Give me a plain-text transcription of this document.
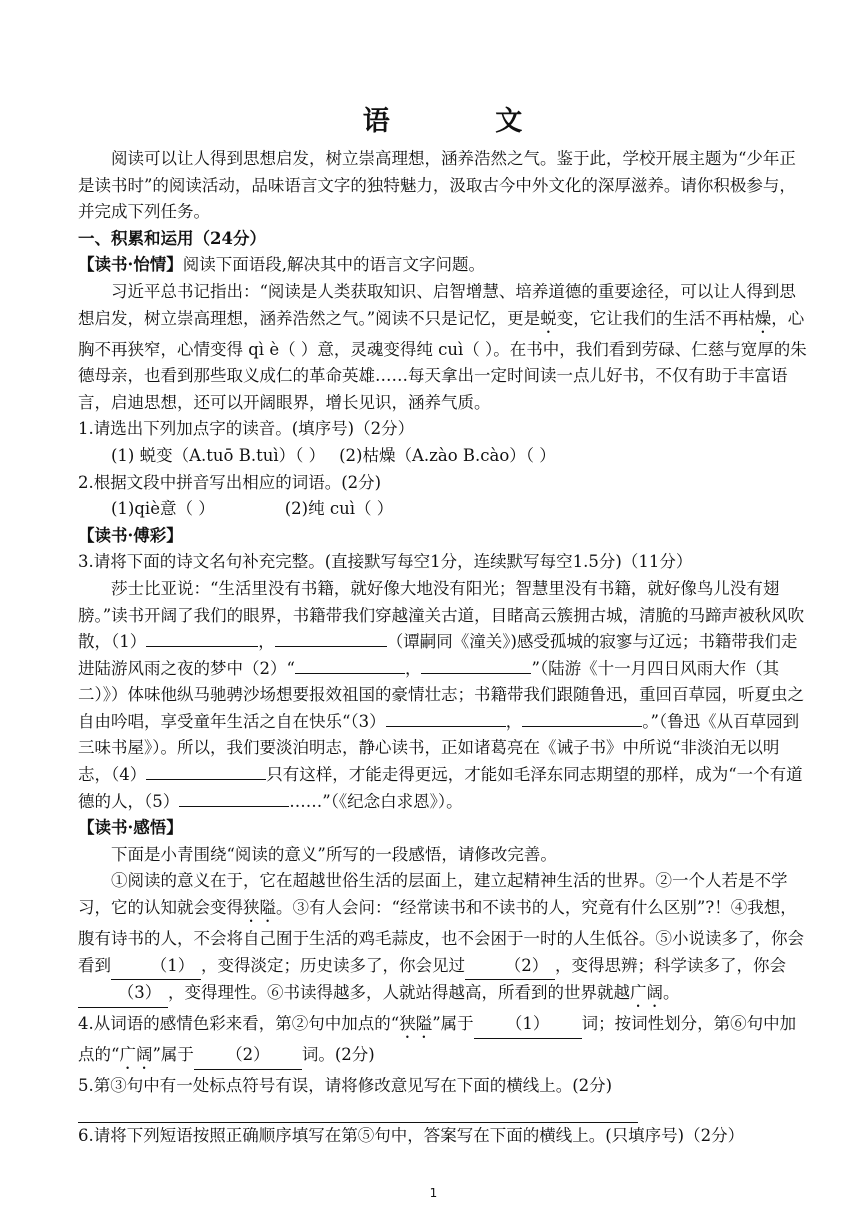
语 文

阅读可以让人得到思想启发，树立崇高理想，涵养浩然之气。鉴于此，学校开展主题为“少年正是读书时”的阅读活动，品味语言文字的独特魅力，汲取古今中外文化的深厚滋养。请你积极参与，并完成下列任务。

一、积累和运用（24分）

【读书·怡情】阅读下面语段,解决其中的语言文字问题。

习近平总书记指出：“阅读是人类获取知识、启智增慧、培养道德的重要途径，可以让人得到思想启发，树立崇高理想，涵养浩然之气。”阅读不只是记忆，更是蜕变，它让我们的生活不再枯燥，心胸不再狭窄，心情变得 qì è（ ）意，灵魂变得纯 cuì（ ）。在书中，我们看到劳碌、仁慈与宽厚的朱德母亲，也看到那些取义成仁的革命英雄……每天拿出一定时间读一点儿好书，不仅有助于丰富语言，启迪思想，还可以开阔眼界，增长见识，涵养气质。

1.请选出下列加点字的读音。(填序号)（2分）

(1) 蜕变（A.tuō B.tuì）（ ） (2)枯燥（A.zào B.cào）（ ）

2.根据文段中拼音写出相应的词语。(2分)

(1)qiè意（ ）	(2)纯 cuì（ ）

【读书·傅彩】

3.请将下面的诗文名句补充完整。(直接默写每空1分，连续默写每空1.5分)（11分）

莎士比亚说：“生活里没有书籍，就好像大地没有阳光；智慧里没有书籍，就好像鸟儿没有翅膀。”读书开阔了我们的眼界，书籍带我们穿越潼关古道，目睹高云簇拥古城，清脆的马蹄声被秋风吹散，（1）	，	（谭嗣同《潼关》)感受孤城的寂寥与辽远；书籍带我们走进陆游风雨之夜的梦中（2）“	，	”（陆游《十一月四日风雨大作（其二）》）体味他纵马驰骋沙场想要报效祖国的豪情壮志；书籍带我们跟随鲁迅，重回百草园，听夏虫之自由吟唱，享受童年生活之自在快乐“（3）	，	。”（鲁迅《从百草园到三味书屋》）。所以，我们要淡泊明志，静心读书，正如诸葛亮在《诫子书》中所说“非淡泊无以明志，（4）	只有这样，才能走得更远，才能如毛泽东同志期望的那样，成为“一个有道德的人，（5）	……”（《纪念白求恩》）。

【读书·感悟】

下面是小青围绕“阅读的意义”所写的一段感悟，请修改完善。

①阅读的意义在于，它在超越世俗生活的层面上，建立起精神生活的世界。②一个人若是不学习，它的认知就会变得狭隘。③有人会问：“经常读书和不读书的人，究竟有什么区别”?！④我想，腹有诗书的人，不会将自己囿于生活的鸡毛蒜皮，也不会困于一时的人生低谷。⑤小说读多了，你会看到 （1） ，变得淡定；历史读多了，你会见过 （2） ，变得思辨；科学读多了，你会（3） ，变得理性。⑥书读得越多，人就站得越高，所看到的世界就越广阔。

4.从词语的感情色彩来看，第②句中加点的“狭隘”属于 （1） 词；按词性划分，第⑥句中加点的“广阔”属于 （2） 词。(2分)

5.第③句中有一处标点符号有误，请将修改意见写在下面的横线上。(2分)

6.请将下列短语按照正确顺序填写在第⑤句中，答案写在下面的横线上。(只填序号)（2分）

1
